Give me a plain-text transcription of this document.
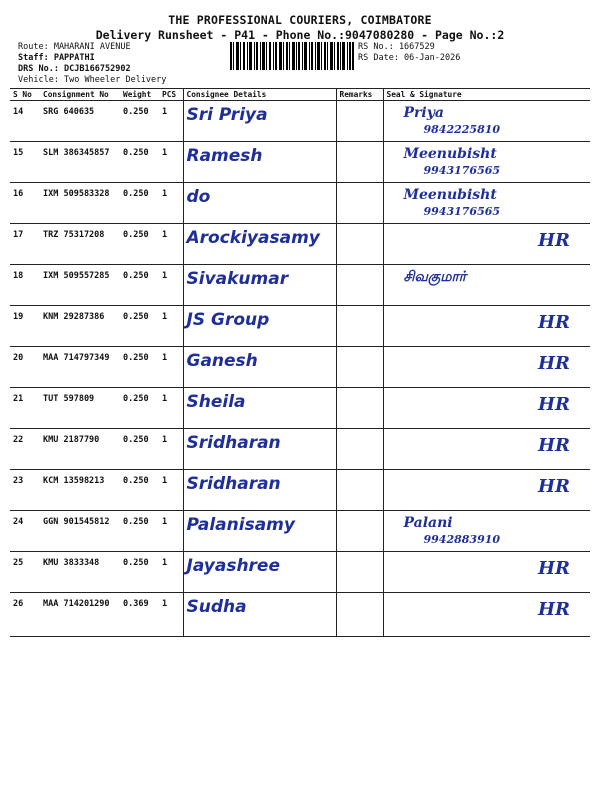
THE PROFESSIONAL COURIERS, COIMBATORE
Delivery Runsheet - P41 - Phone No.:9047080280 - Page No.:2
Route: MAHARANI AVENUE
Staff: PAPPATHI
DRS No.: DCJB166752902
Vehicle: Two Wheeler Delivery
RS No.: 1667529
RS Date: 06-Jan-2026
S No	Consignment No	Weight	PCS	Consignee Details	Remarks	Seal & Signature
14	SRG 640635	0.250	1	Sri Priya		Priya
9842225810

15	SLM 386345857	0.250	1	Ramesh		Meenubisht
9943176565

16	IXM 509583328	0.250	1	do		Meenubisht
9943176565

17	TRZ 75317208	0.250	1	Arockiyasamy		HR

18	IXM 509557285	0.250	1	Sivakumar		சிவகுமார்

19	KNM 29287386	0.250	1	JS Group		HR

20	MAA 714797349	0.250	1	Ganesh		HR

21	TUT 597809	0.250	1	Sheila		HR

22	KMU 2187790	0.250	1	Sridharan		HR

23	KCM 13598213	0.250	1	Sridharan		HR

24	GGN 901545812	0.250	1	Palanisamy		Palani
9942883910

25	KMU 3833348	0.250	1	Jayashree		HR

26	MAA 714201290	0.369	1	Sudha		HR
